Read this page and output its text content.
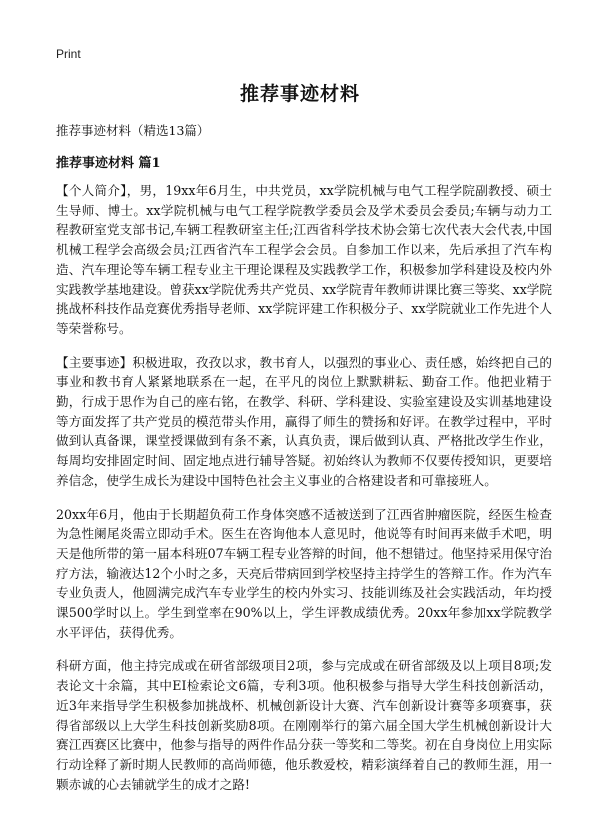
Print
推荐事迹材料

推荐事迹材料（精选13篇）

推荐事迹材料 篇1

【个人简介】，男，19xx年6月生，中共党员，xx学院机械与电气工程学院副教授、硕士生导师、博士。xx学院机械与电气工程学院教学委员会及学术委员会委员;车辆与动力工程教研室党支部书记,车辆工程教研室主任;江西省科学技术协会第七次代表大会代表,中国机械工程学会高级会员;江西省汽车工程学会会员。自参加工作以来，先后承担了汽车构造、汽车理论等车辆工程专业主干理论课程及实践教学工作，积极参加学科建设及校内外实践教学基地建设。曾获xx学院优秀共产党员、xx学院青年教师讲课比赛三等奖、xx学院挑战杯科技作品竞赛优秀指导老师、xx学院评建工作积极分子、xx学院就业工作先进个人等荣誉称号。

【主要事迹】积极进取，孜孜以求，教书育人，以强烈的事业心、责任感，始终把自己的事业和教书育人紧紧地联系在一起，在平凡的岗位上默默耕耘、勤奋工作。他把业精于勤，行成于思作为自己的座右铭，在教学、科研、学科建设、实验室建设及实训基地建设等方面发挥了共产党员的模范带头作用，赢得了师生的赞扬和好评。在教学过程中，平时做到认真备课，课堂授课做到有条不紊，认真负责，课后做到认真、严格批改学生作业，每周均安排固定时间、固定地点进行辅导答疑。初始终认为教师不仅要传授知识，更要培养信念，使学生成长为建设中国特色社会主义事业的合格建设者和可靠接班人。

20xx年6月，他由于长期超负荷工作身体突感不适被送到了江西省肿瘤医院，经医生检查为急性阑尾炎需立即动手术。医生在咨询他本人意见时，他说等有时间再来做手术吧，明天是他所带的第一届本科班07车辆工程专业答辩的时间，他不想错过。他坚持采用保守治疗方法，输液达12个小时之多，天亮后带病回到学校坚持主持学生的答辩工作。作为汽车专业负责人，他圆满完成汽车专业学生的校内外实习、技能训练及社会实践活动，年均授课500学时以上。学生到堂率在90%以上，学生评教成绩优秀。20xx年参加xx学院教学水平评估，获得优秀。

科研方面，他主持完成或在研省部级项目2项，参与完成或在研省部级及以上项目8项;发表论文十余篇，其中EI检索论文6篇，专利3项。他积极参与指导大学生科技创新活动，近3年来指导学生积极参加挑战杯、机械创新设计大赛、汽车创新设计赛等多项赛事，获得省部级以上大学生科技创新奖励8项。在刚刚举行的第六届全国大学生机械创新设计大赛江西赛区比赛中，他参与指导的两件作品分获一等奖和二等奖。初在自身岗位上用实际行动诠释了新时期人民教师的高尚师德，他乐教爱校，精彩演绎着自己的教师生涯，用一颗赤诚的心去铺就学生的成才之路!
